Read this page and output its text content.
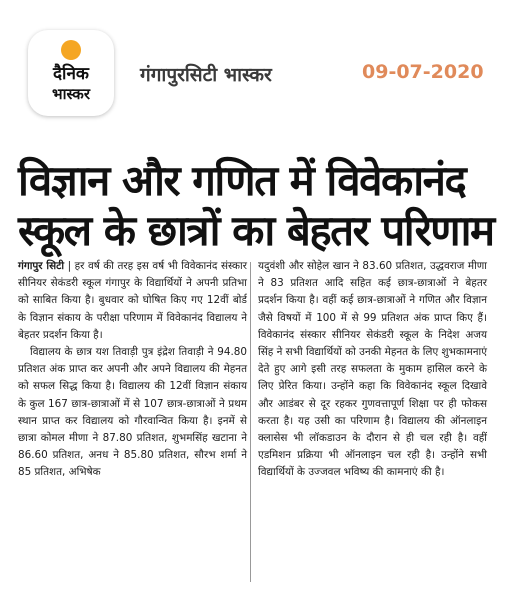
दैनिक
भास्कर
गंगापुरसिटी भास्कर	09-07-2020
विज्ञान और गणित में विवेकानंद
स्कूल के छात्रों का बेहतर परिणाम

गंगापुर सिटी | हर वर्ष की तरह इस वर्ष भी विवेकानंद संस्कार सीनियर सेकंडरी स्कूल गंगापुर के विद्यार्थियों ने अपनी प्रतिभा को साबित किया है। बुधवार को घोषित किए गए 12वीं बोर्ड के विज्ञान संकाय के परीक्षा परिणाम में विवेकानंद विद्यालय ने बेहतर प्रदर्शन किया है।

विद्यालय के छात्र यश तिवाड़ी पुत्र इंद्रेश तिवाड़ी ने 94.80 प्रतिशत अंक प्राप्त कर अपनी और अपने विद्यालय की मेहनत को सफल सिद्ध किया है। विद्यालय की 12वीं विज्ञान संकाय के कुल 167 छात्र-छात्राओं में से 107 छात्र-छात्राओं ने प्रथम स्थान प्राप्त कर विद्यालय को गौरवान्वित किया है। इनमें से छात्रा कोमल मीणा ने 87.80 प्रतिशत, शुभमसिंह खटाना ने 86.60 प्रतिशत, अनध ने 85.80 प्रतिशत, सौरभ शर्मा ने 85 प्रतिशत, अभिषेक

यदुवंशी और सोहेल खान ने 83.60 प्रतिशत, उद्धवराज मीणा ने 83 प्रतिशत आदि सहित कई छात्र-छात्राओं ने बेहतर प्रदर्शन किया है। वहीं कई छात्र-छात्राओं ने गणित और विज्ञान जैसे विषयों में 100 में से 99 प्रतिशत अंक प्राप्त किए हैं। विवेकानंद संस्कार सीनियर सेकंडरी स्कूल के निदेश अजय सिंह ने सभी विद्यार्थियों को उनकी मेहनत के लिए शुभकामनाएं देते हुए आगे इसी तरह सफलता के मुकाम हासिल करने के लिए प्रेरित किया। उन्होंने कहा कि विवेकानंद स्कूल दिखावे और आडंबर से दूर रहकर गुणवत्तापूर्ण शिक्षा पर ही फोकस करता है। यह उसी का परिणाम है। विद्यालय की ऑनलाइन क्लासेस भी लॉकडाउन के दौरान से ही चल रही है। वहीं एडमिशन प्रक्रिया भी ऑनलाइन चल रही है। उन्होंने सभी विद्यार्थियों के उज्जवल भविष्य की कामनाएं की है।
